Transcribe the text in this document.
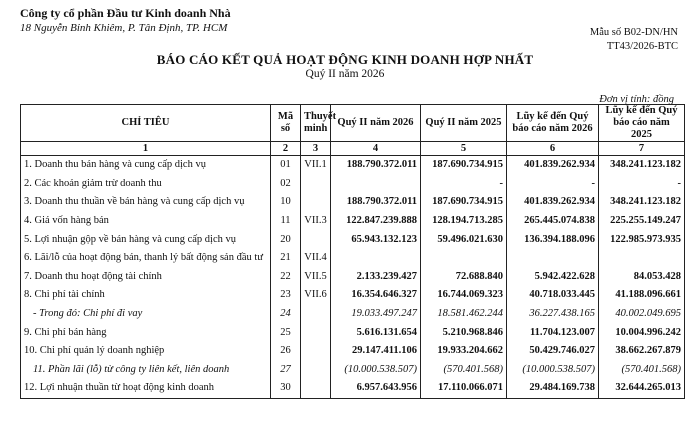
Công ty cổ phần Đầu tư Kinh doanh Nhà
18 Nguyễn Bỉnh Khiêm, P. Tân Định, TP. HCM	Mẫu số B02-DN/HN
TT43/2026-BTC
BÁO CÁO KẾT QUẢ HOẠT ĐỘNG KINH DOANH HỢP NHẤT
Quý II năm 2026
Đơn vị tính: đồng
CHỈ TIÊU	Mã số	Thuyết minh	Quý II năm 2026	Quý II năm 2025	Lũy kế đến Quý báo cáo năm 2026	Lũy kế đến Quý báo cáo năm 2025
1	2	3	4	5	6	7
1. Doanh thu bán hàng và cung cấp dịch vụ	01	VII.1	188.790.372.011	187.690.734.915	401.839.262.934	348.241.123.182
2. Các khoản giảm trừ doanh thu	02			-	-	-
3. Doanh thu thuần về bán hàng và cung cấp dịch vụ	10		188.790.372.011	187.690.734.915	401.839.262.934	348.241.123.182
4. Giá vốn hàng bán	11	VII.3	122.847.239.888	128.194.713.285	265.445.074.838	225.255.149.247
5. Lợi nhuận gộp về bán hàng và cung cấp dịch vụ	20		65.943.132.123	59.496.021.630	136.394.188.096	122.985.973.935
6. Lãi/lỗ của hoạt động bán, thanh lý bất động sản đầu tư	21	VII.4				
7. Doanh thu hoạt động tài chính	22	VII.5	2.133.239.427	72.688.840	5.942.422.628	84.053.428
8. Chi phí tài chính	23	VII.6	16.354.646.327	16.744.069.323	40.718.033.445	41.188.096.661
- Trong đó: Chi phí đi vay	24		19.033.497.247	18.581.462.244	36.227.438.165	40.002.049.695
9. Chi phí bán hàng	25		5.616.131.654	5.210.968.846	11.704.123.007	10.004.996.242
10. Chi phí quản lý doanh nghiệp	26		29.147.411.106	19.933.204.662	50.429.746.027	38.662.267.879
11. Phần lãi (lỗ) từ công ty liên kết, liên doanh	27		(10.000.538.507)	(570.401.568)	(10.000.538.507)	(570.401.568)
12. Lợi nhuận thuần từ hoạt động kinh doanh	30		6.957.643.956	17.110.066.071	29.484.169.738	32.644.265.013
